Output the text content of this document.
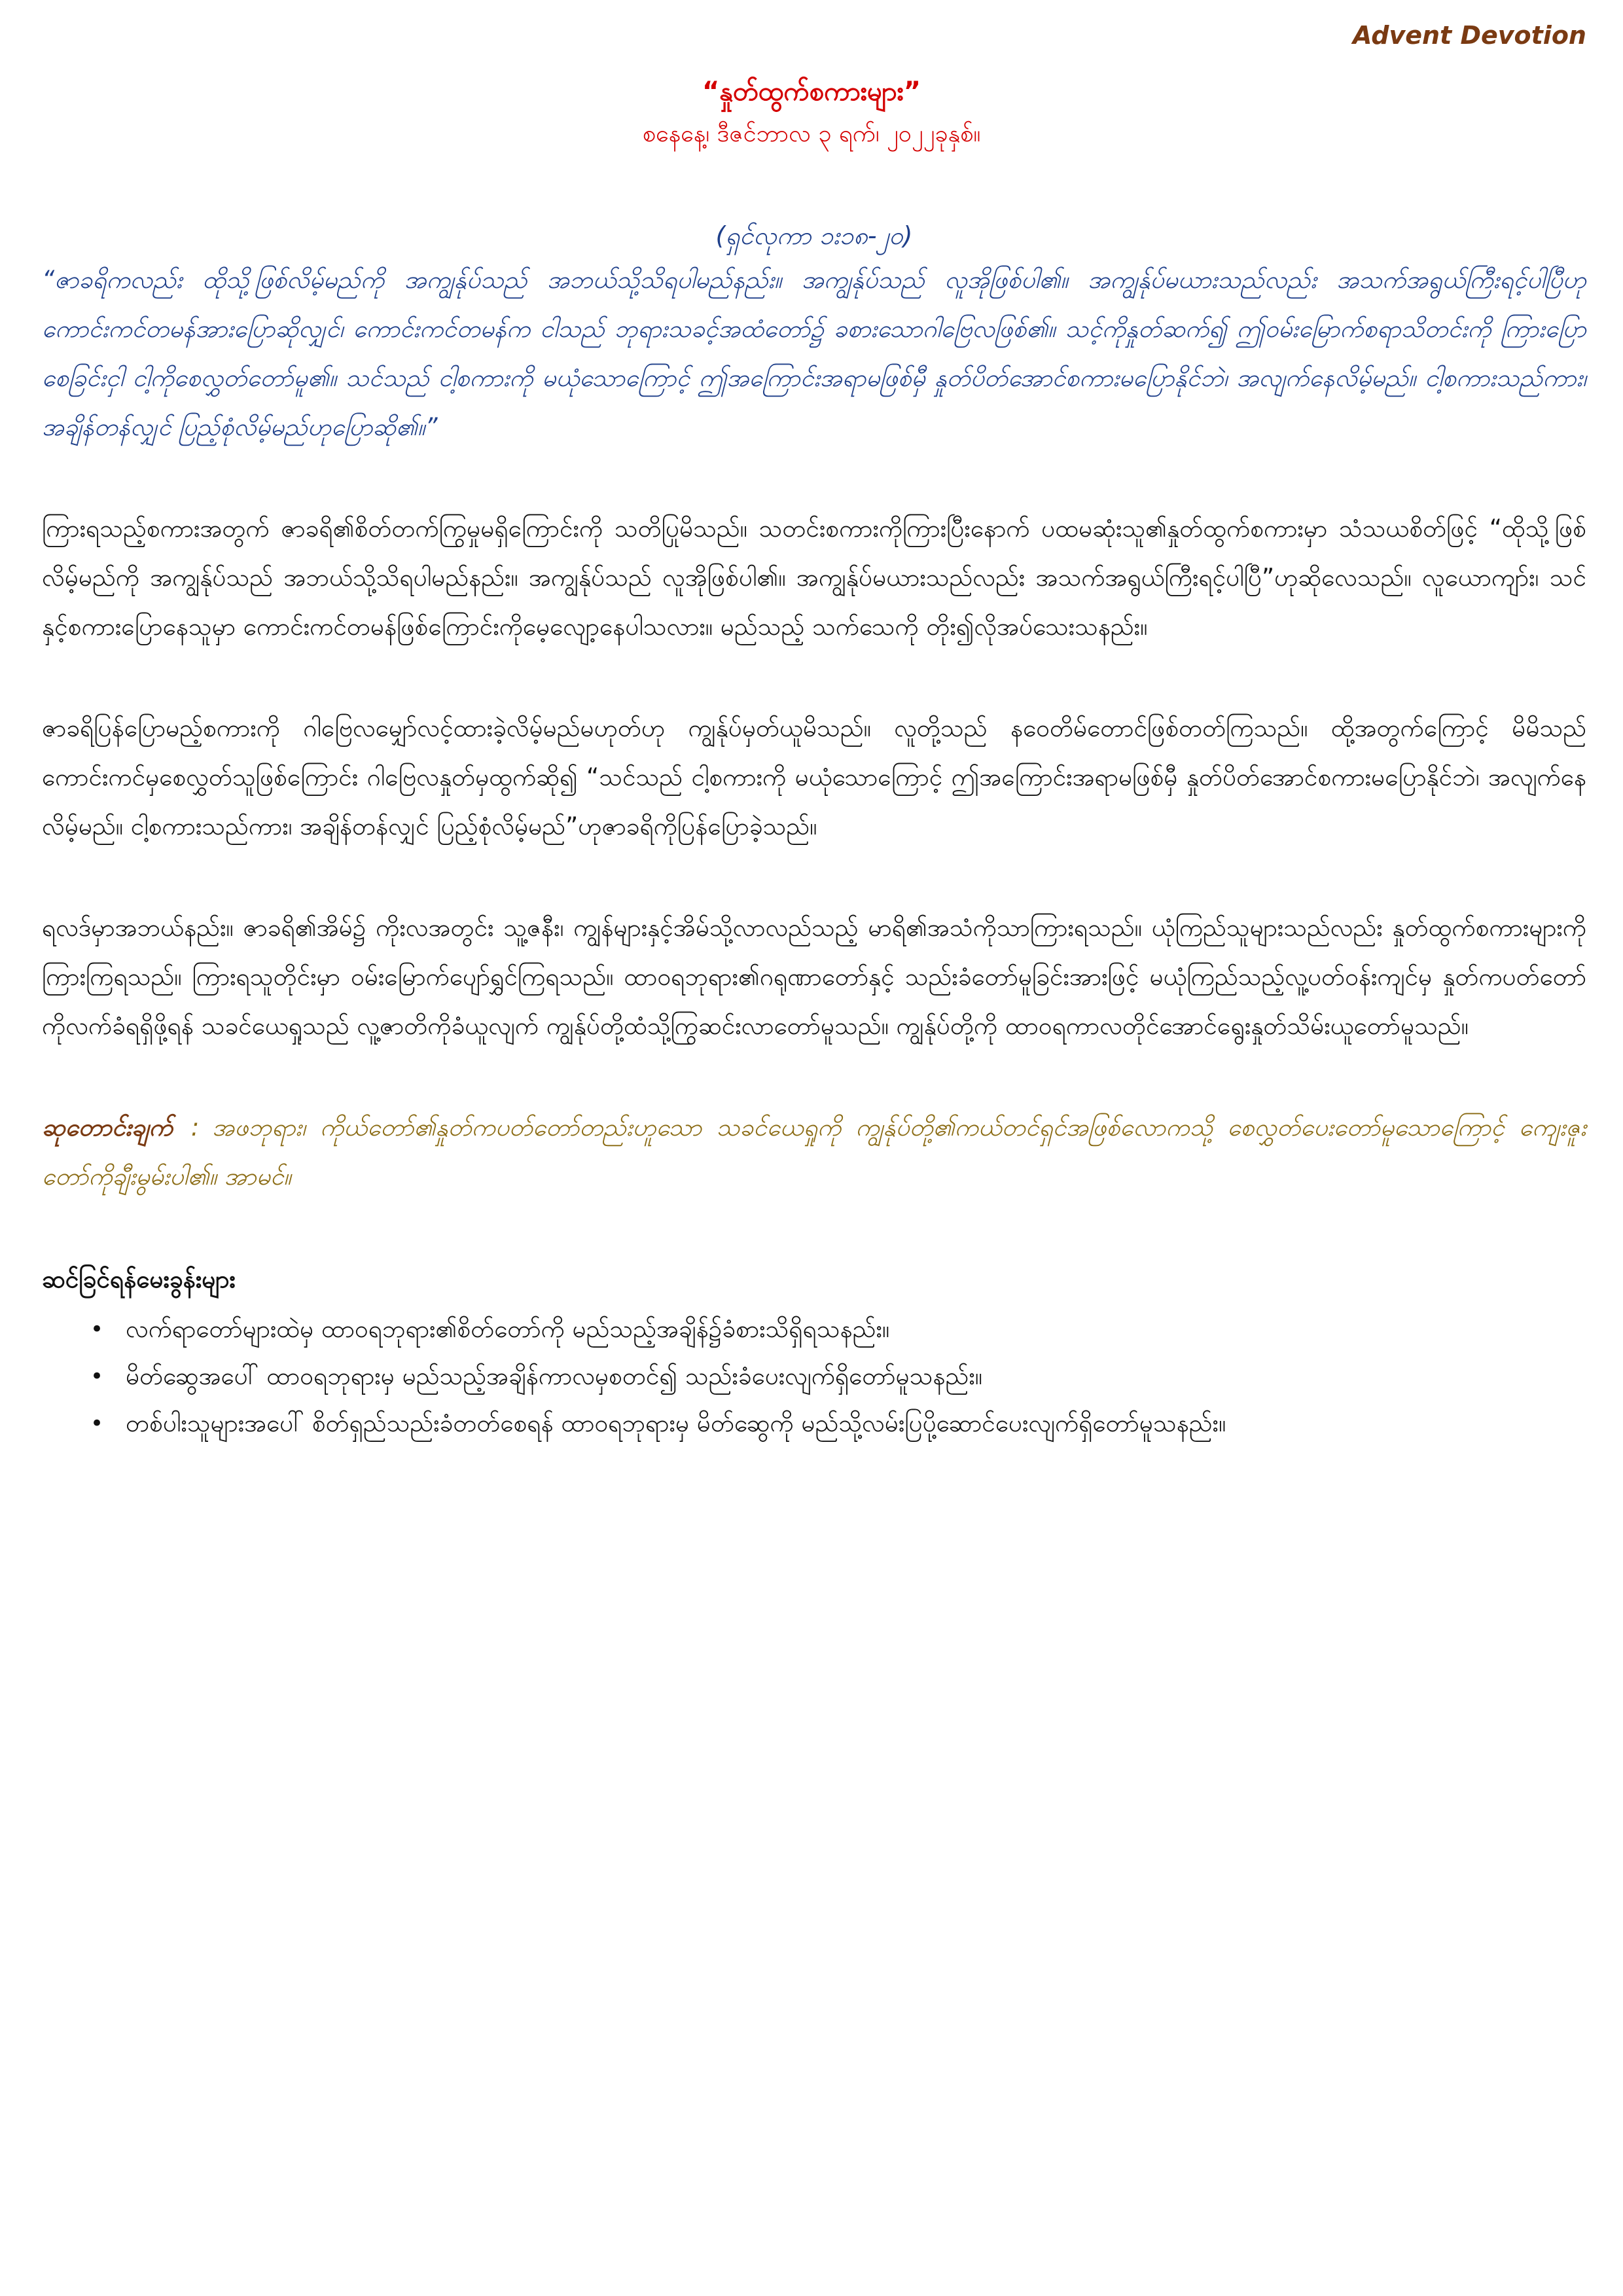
Advent Devotion
“နှုတ်ထွက်စကားများ”
စနေနေ့၊ ဒီဇင်ဘာလ ၃ ရက်၊ ၂၀၂၂ခုနှစ်။
(ရှင်လုကာ ၁း၁၈-၂၀)

“ဇာခရိကလည်း ထိုသို့ဖြစ်လိမ့်မည်ကို အကျွန်ုပ်သည် အဘယ်သို့သိရပါမည်နည်း။ အကျွန်ုပ်သည် လူအိုဖြစ်ပါ၏။ အကျွန်ုပ်မယားသည်လည်း အသက်အရွယ်ကြီးရင့်ပါပြီဟု ကောင်းကင်တမန်အားပြောဆိုလျှင်၊ ကောင်းကင်တမန်က ငါသည် ဘုရားသခင့်အထံတော်၌ ခစားသောဂါဗြေလဖြစ်၏။ သင့်ကိုနှုတ်ဆက်၍ ဤဝမ်းမြောက်စရာသိတင်းကို ကြားပြောစေခြင်းငှါ ငါ့ကိုစေလွှတ်တော်မူ၏။ သင်သည် ငါ့စကားကို မယုံသောကြောင့် ဤအကြောင်းအရာမဖြစ်မှီ နှုတ်ပိတ်အောင်စကားမပြောနိုင်ဘဲ၊ အလျက်နေလိမ့်မည်။ ငါ့စကားသည်ကား၊ အချိန်တန်လျှင် ပြည့်စုံလိမ့်မည်ဟုပြောဆို၏။”

ကြားရသည့်စကားအတွက် ဇာခရိ၏စိတ်တက်ကြွမှုမရှိကြောင်းကို သတိပြုမိသည်။ သတင်းစကားကိုကြားပြီးနောက် ပထမဆုံးသူ၏နှုတ်ထွက်စကားမှာ သံသယစိတ်ဖြင့် “ထိုသို့ဖြစ်လိမ့်မည်ကို အကျွန်ုပ်သည် အဘယ်သို့သိရပါမည်နည်း။ အကျွန်ုပ်သည် လူအိုဖြစ်ပါ၏။ အကျွန်ုပ်မယားသည်လည်း အသက်အရွယ်ကြီးရင့်ပါပြီ”ဟုဆိုလေသည်။ လူယောကျာ်း၊ သင်နှင့်စကားပြောနေသူမှာ ကောင်းကင်တမန်ဖြစ်ကြောင်းကိုမေ့လျော့နေပါသလား။ မည်သည့် သက်သေကို တိုး၍လိုအပ်သေးသနည်း။

ဇာခရိပြန်ပြောမည့်စကားကို ဂါဗြေလမျှော်လင့်ထားခဲ့လိမ့်မည်မဟုတ်ဟု ကျွန်ုပ်မှတ်ယူမိသည်။ လူတို့သည် နဝေတိမ်တောင်ဖြစ်တတ်ကြသည်။ ထို့အတွက်ကြောင့် မိမိသည်ကောင်းကင်မှစေလွှတ်သူဖြစ်ကြောင်း ဂါဗြေလနှုတ်မှထွက်ဆို၍ “သင်သည် ငါ့စကားကို မယုံသောကြောင့် ဤအကြောင်းအရာမဖြစ်မှီ နှုတ်ပိတ်အောင်စကားမပြောနိုင်ဘဲ၊ အလျက်နေလိမ့်မည်။ ငါ့စကားသည်ကား၊ အချိန်တန်လျှင် ပြည့်စုံလိမ့်မည်”ဟုဇာခရိကိုပြန်ပြောခဲ့သည်။

ရလဒ်မှာအဘယ်နည်း။ ဇာခရိ၏အိမ်၌ ကိုးလအတွင်း သူ့ဇနီး၊ ကျွန်များနှင့်အိမ်သို့လာလည်သည့် မာရိ၏အသံကိုသာကြားရသည်။ ယုံကြည်သူများသည်လည်း နှုတ်ထွက်စကားများကိုကြားကြရသည်။ ကြားရသူတိုင်းမှာ ဝမ်းမြောက်ပျော်ရွှင်ကြရသည်။ ထာဝရဘုရား၏ဂရုဏာတော်နှင့် သည်းခံတော်မူခြင်းအားဖြင့် မယုံကြည်သည့်လူ့ပတ်ဝန်းကျင်မှ နှုတ်ကပတ်တော်ကိုလက်ခံရရှိဖို့ရန် သခင်ယေရှုသည် လူ့ဇာတိကိုခံယူလျက် ကျွန်ုပ်တို့ထံသို့ကြွဆင်းလာတော်မူသည်။ ကျွန်ုပ်တို့ကို ထာဝရကာလတိုင်အောင်ရွေးနှုတ်သိမ်းယူတော်မူသည်။

ဆုတောင်းချက် : အဖဘုရား၊ ကိုယ်တော်၏နှုတ်ကပတ်တော်တည်းဟူသော သခင်ယေရှုကို ကျွန်ုပ်တို့၏ကယ်တင်ရှင်အဖြစ်လောကသို့ စေလွှတ်ပေးတော်မူသောကြောင့် ကျေးဇူးတော်ကိုချီးမွမ်းပါ၏။ အာမင်။

ဆင်ခြင်ရန်မေးခွန်းများ
• လက်ရာတော်များထဲမှ ထာဝရဘုရား၏စိတ်တော်ကို မည်သည့်အချိန်၌ခံစားသိရှိရသနည်း။
• မိတ်ဆွေအပေါ် ထာဝရဘုရားမှ မည်သည့်အချိန်ကာလမှစတင်၍ သည်းခံပေးလျက်ရှိတော်မူသနည်း။
• တစ်ပါးသူများအပေါ် စိတ်ရှည်သည်းခံတတ်စေရန် ထာဝရဘုရားမှ မိတ်ဆွေကို မည်သို့လမ်းပြပို့ဆောင်ပေးလျက်ရှိတော်မူသနည်း။
